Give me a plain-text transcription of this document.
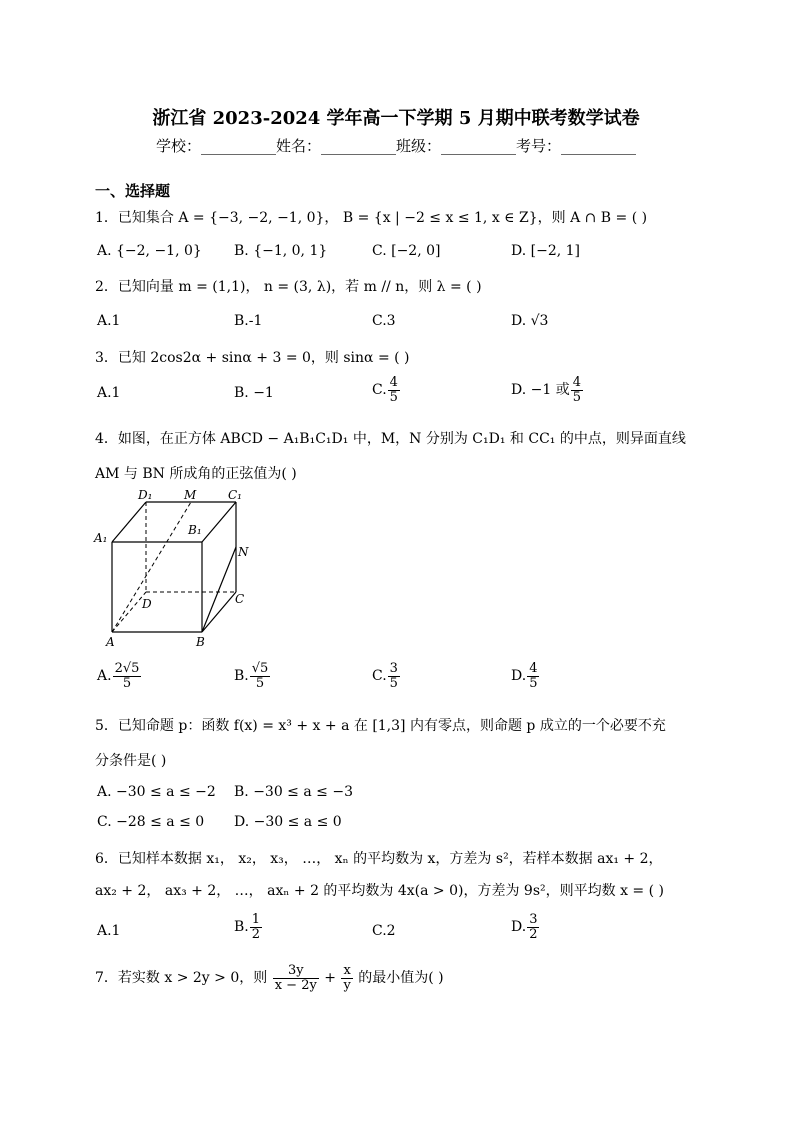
浙江省 2023-2024 学年高一下学期 5 月期中联考数学试卷
学校：__________姓名：__________班级：__________考号：__________
一、选择题
1．已知集合 A = {−3, −2, −1, 0}， B = {x | −2 ≤ x ≤ 1, x ∈ Z}，则 A ∩ B = ( )
A. {−2, −1, 0} B. {−1, 0, 1}	C. [−2, 0]	D. [−2, 1]
2．已知向量 m = (1,1)， n = (3, λ)，若 m // n，则 λ = ( )
A.1	B.-1	C.3	D. √3
3．已知 2cos2α + sinα + 3 = 0，则 sinα = ( )
A.1	B. −1	C. $\frac{4}{5}$	D. −1 或 $\frac{4}{5}$
4．如图，在正方体 ABCD − A₁B₁C₁D₁ 中，M，N 分别为 C₁D₁ 和 CC₁ 的中点，则异面直线
AM 与 BN 所成角的正弦值为( )
D₁	M	C₁
B₁
A₁
N
D	C
A	B
A. $\frac{2√5}{5}$	B. $\frac{√5}{5}$	C. $\frac{3}{5}$	D. $\frac{4}{5}$
5．已知命题 p：函数 f(x) = x³ + x + a 在 [1,3] 内有零点，则命题 p 成立的一个必要不充
分条件是( )
A. −30 ≤ a ≤ −2 B. −30 ≤ a ≤ −3
C. −28 ≤ a ≤ 0 D. −30 ≤ a ≤ 0
6．已知样本数据 x₁， x₂， x₃， …， xₙ 的平均数为 x，方差为 s²，若样本数据 ax₁ + 2，
ax₂ + 2， ax₃ + 2， …， axₙ + 2 的平均数为 4x(a > 0)，方差为 9s²，则平均数 x = ( )
A.1	B. $\frac{1}{2}$	C.2	D. $\frac{3}{2}$
7．若实数 x > 2y > 0，则 $\frac{3y}{x - 2y} + \frac{x}{y}$ 的最小值为( )
